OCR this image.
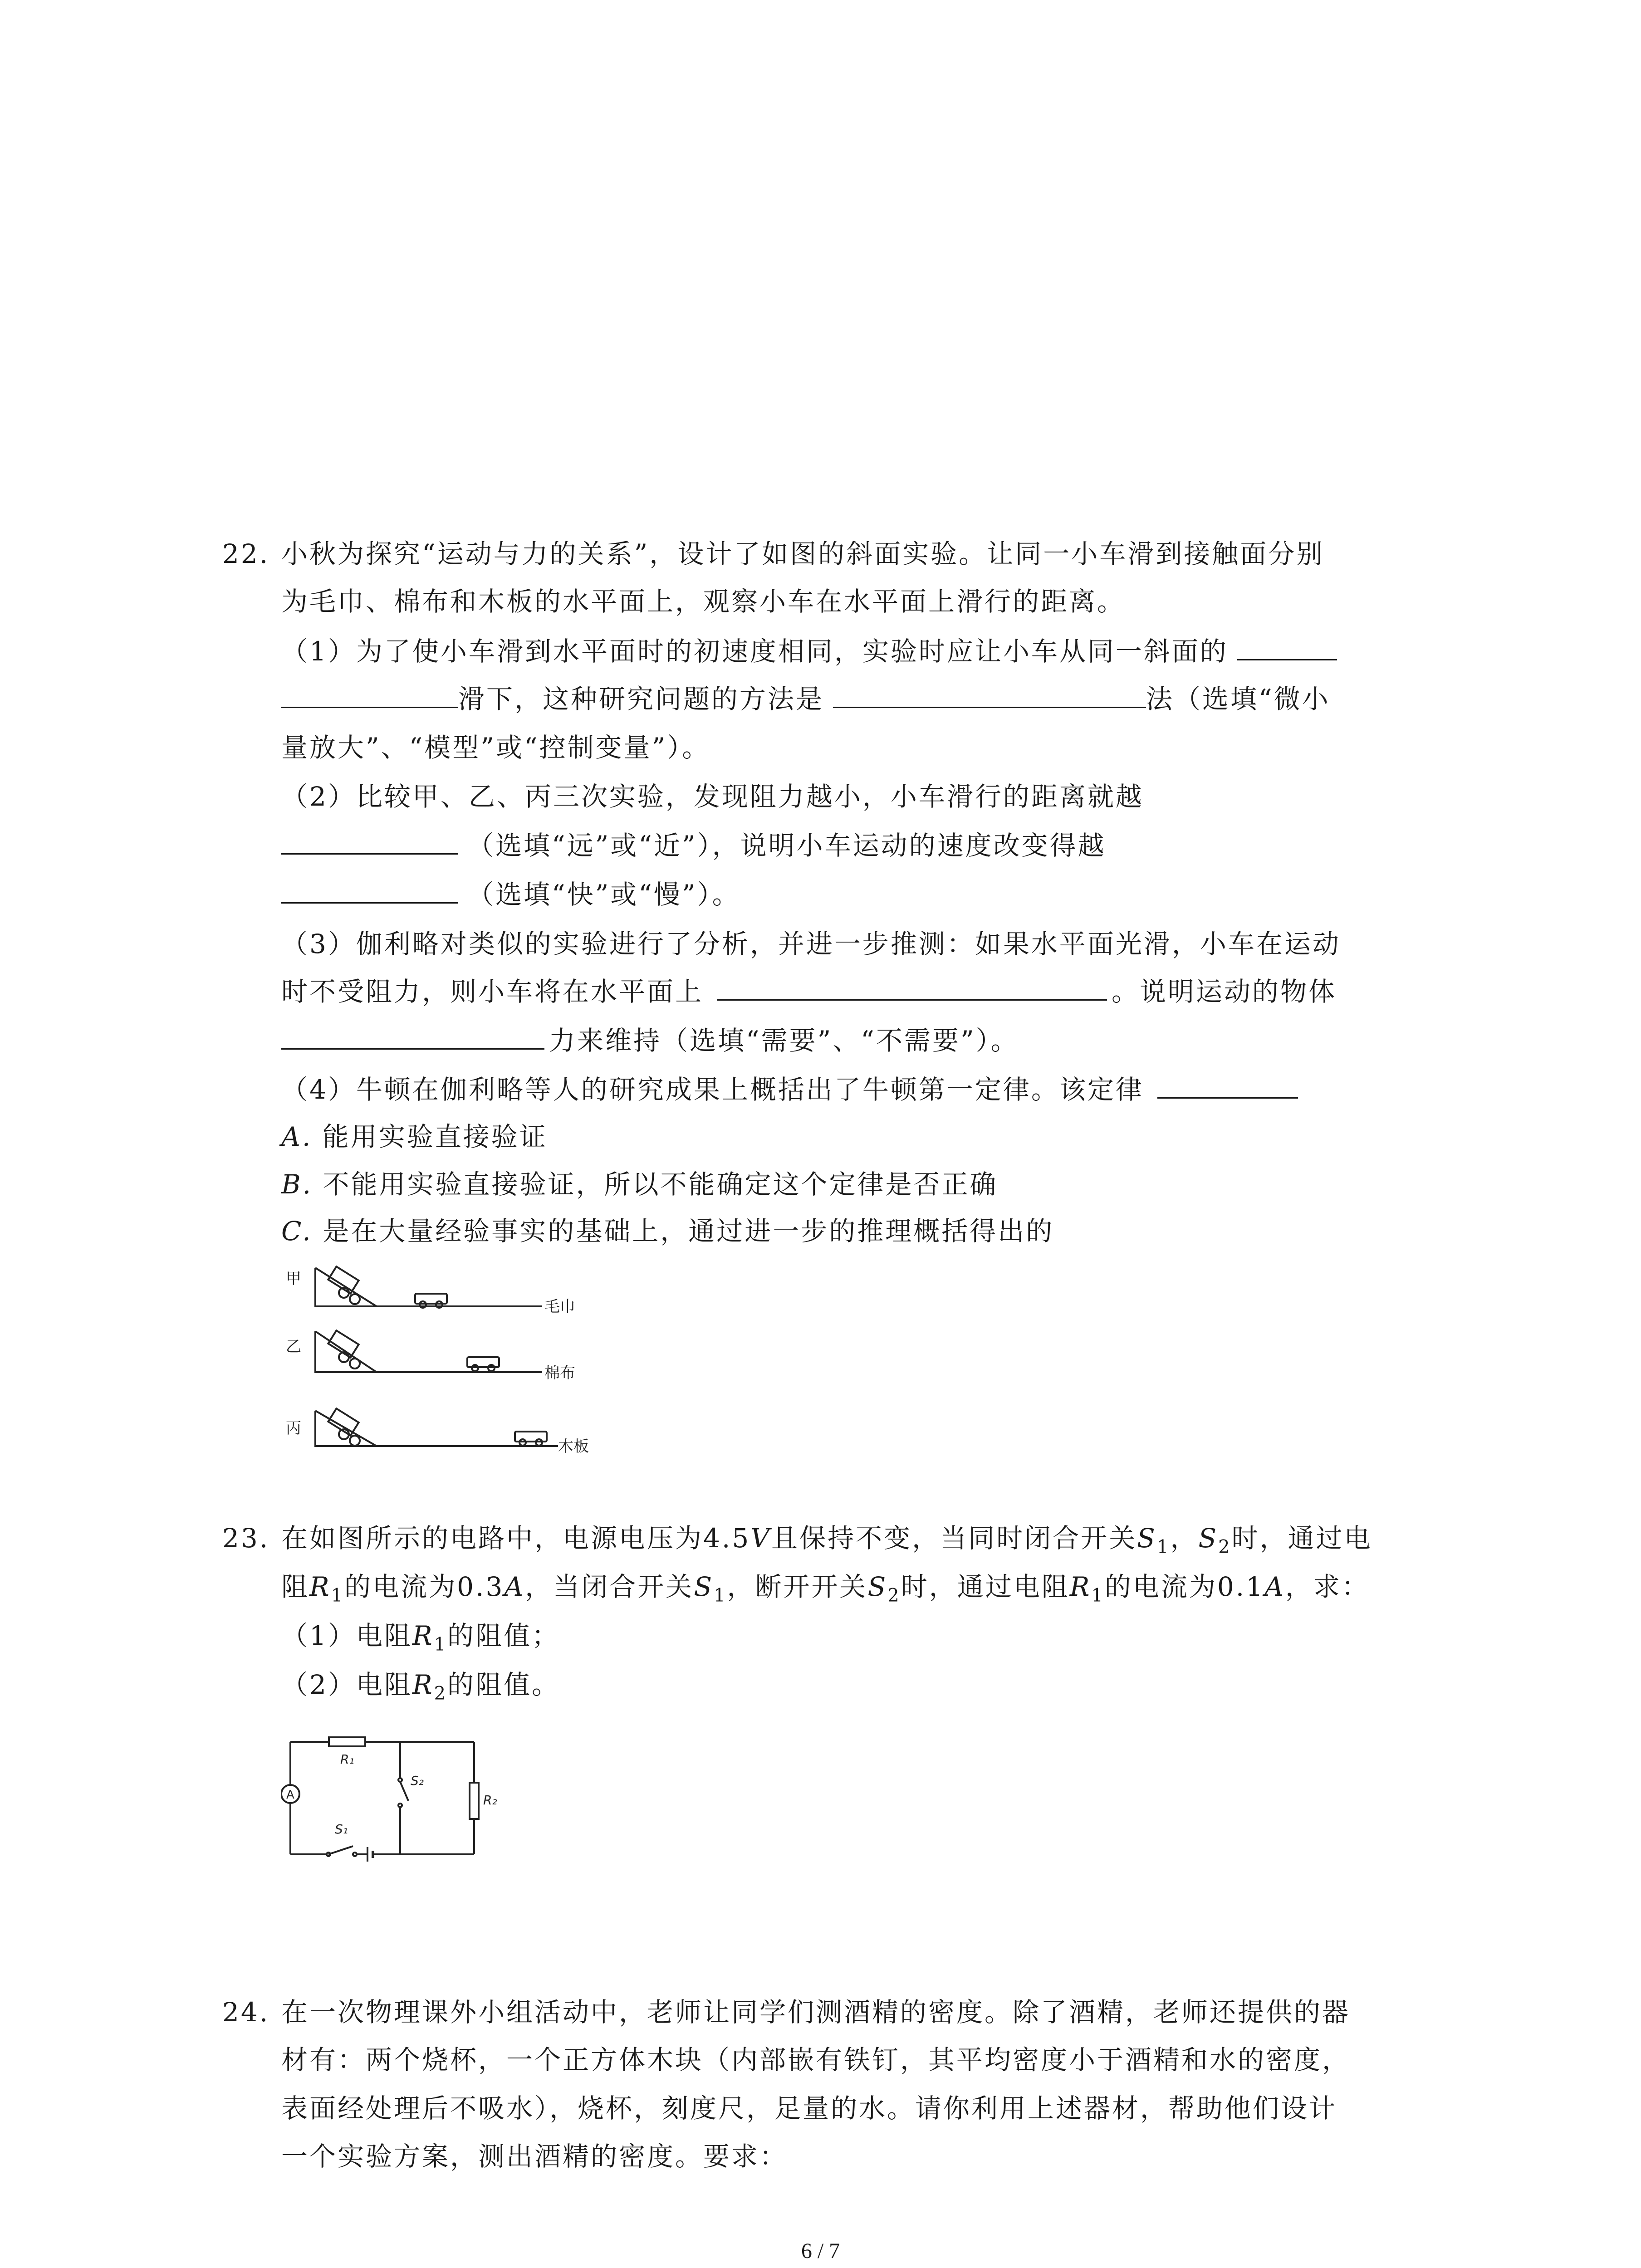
22. 小秋为探究“运动与力的关系”，设计了如图的斜面实验。让同一小车滑到接触面分别
为毛巾、棉布和木板的水平面上，观察小车在水平面上滑行的距离。
（1）为了使小车滑到水平面时的初速度相同，实验时应让小车从同一斜面的
滑下，这种研究问题的方法是	法（选填“微小
量放大”、“模型”或“控制变量”）。
（2）比较甲、乙、丙三次实验，发现阻力越小，小车滑行的距离就越
（选填“远”或“近”），说明小车运动的速度改变得越
（选填“快”或“慢”）。
（3）伽利略对类似的实验进行了分析，并进一步推测：如果水平面光滑，小车在运动
时不受阻力，则小车将在水平面上	。说明运动的物体
力来维持（选填“需要”、“不需要”）。
（4）牛顿在伽利略等人的研究成果上概括出了牛顿第一定律。该定律
A. 能用实验直接验证
B. 不能用实验直接验证，所以不能确定这个定律是否正确
C. 是在大量经验事实的基础上，通过进一步的推理概括得出的
甲
毛巾
乙
棉布
丙
木板
23. 在如图所示的电路中，电源电压为4.5V且保持不变，当同时闭合开关$S_1$，$S_2$时，通过电
阻$R_1$的电流为0.3A，当闭合开关$S_1$，断开开关$S_2$时，通过电阻$R_1$的电流为0.1A，求：
（1）电阻$R_1$的阻值；
（2）电阻$R_2$的阻值。
A
R₁
R₂
S₂
S₁
24. 在一次物理课外小组活动中，老师让同学们测酒精的密度。除了酒精，老师还提供的器
材有：两个烧杯，一个正方体木块（内部嵌有铁钉，其平均密度小于酒精和水的密度，
表面经处理后不吸水），烧杯，刻度尺，足量的水。请你利用上述器材，帮助他们设计
一个实验方案，测出酒精的密度。要求：
6 / 7
